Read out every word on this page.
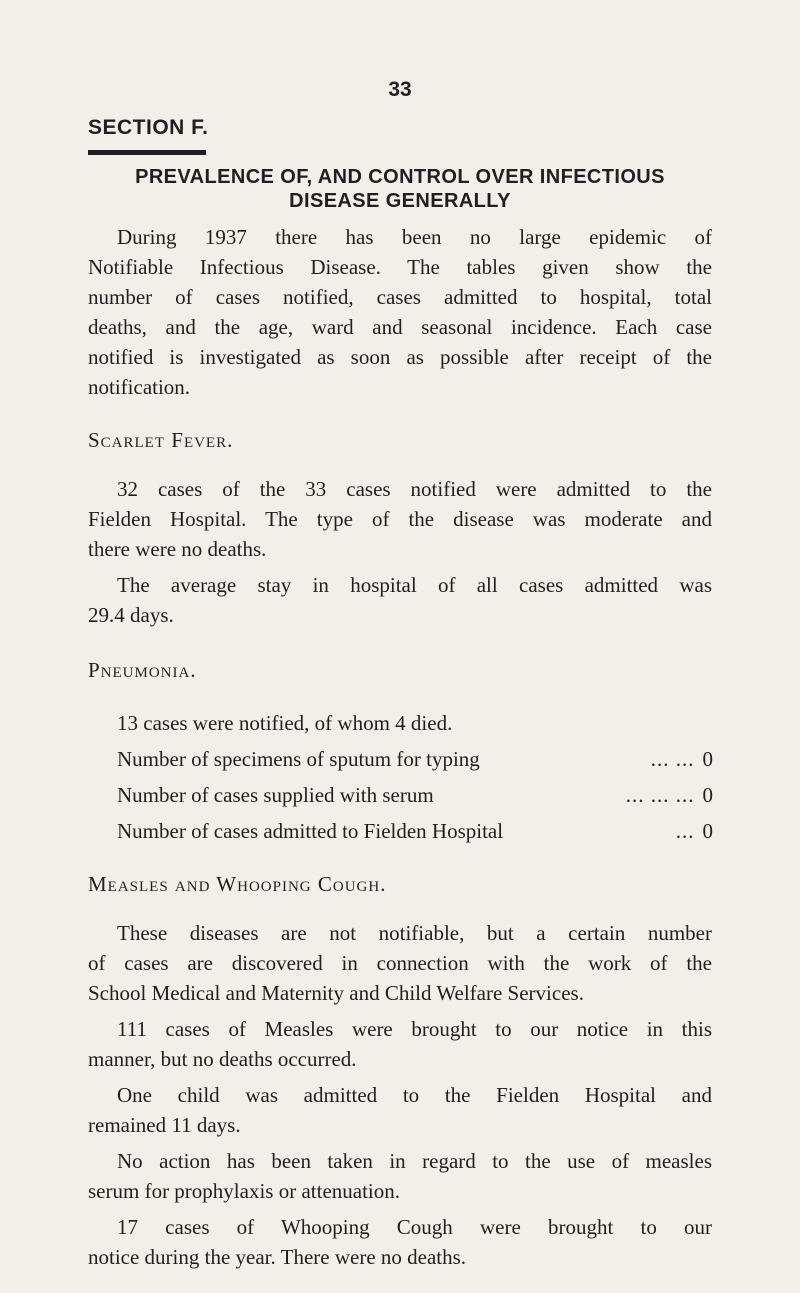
33
SECTION F.
PREVALENCE OF, AND CONTROL OVER INFECTIOUS
DISEASE GENERALLY
During 1937 there has been no large epidemic of
Notifiable Infectious Disease. The tables given show the
number of cases notified, cases admitted to hospital, total
deaths, and the age, ward and seasonal incidence. Each case
notified is investigated as soon as possible after receipt of the
notification.
Scarlet Fever.
32 cases of the 33 cases notified were admitted to the
Fielden Hospital. The type of the disease was moderate and
there were no deaths.
The average stay in hospital of all cases admitted was
29.4 days.
Pneumonia.
13 cases were notified, of whom 4 died.
Number of specimens of sputum for typing	... ... 0
Number of cases supplied with serum	... ... ... 0
Number of cases admitted to Fielden Hospital	... 0
Measles and Whooping Cough.
These diseases are not notifiable, but a certain number
of cases are discovered in connection with the work of the
School Medical and Maternity and Child Welfare Services.
111 cases of Measles were brought to our notice in this
manner, but no deaths occurred.
One child was admitted to the Fielden Hospital and
remained 11 days.
No action has been taken in regard to the use of measles
serum for prophylaxis or attenuation.
17 cases of Whooping Cough were brought to our
notice during the year. There were no deaths.
